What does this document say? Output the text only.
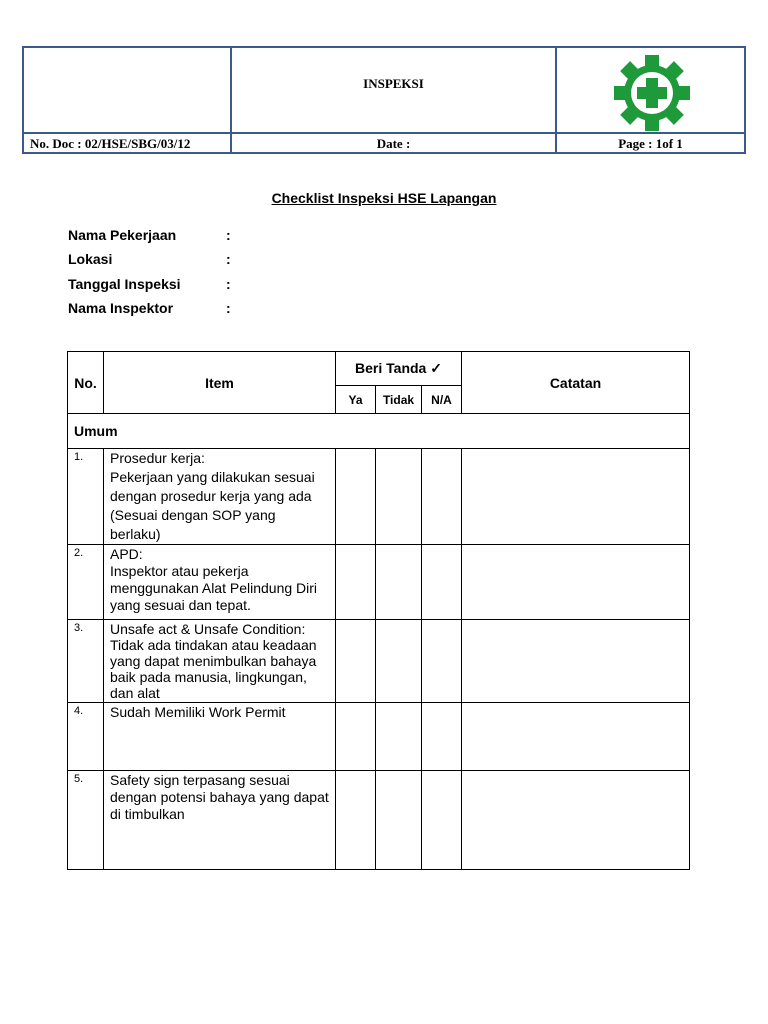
INSPEKSI
No. Doc : 02/HSE/SBG/03/12	Date :	Page : 1of 1
Checklist Inspeksi HSE Lapangan
Nama Pekerjaan	:
Lokasi	:
Tanggal Inspeksi	:
Nama Inspektor	:
No.	Item	Beri Tanda ✓			Catatan
		Ya	Tidak	N/A	
Umum					
1.	Prosedur kerja:
Pekerjaan yang dilakukan sesuai dengan prosedur kerja yang ada (Sesuai dengan SOP yang berlaku)				
2.	APD:
Inspektor atau pekerja menggunakan Alat Pelindung Diri yang sesuai dan tepat.				
3.	Unsafe act & Unsafe Condition:
Tidak ada tindakan atau keadaan yang dapat menimbulkan bahaya baik pada manusia, lingkungan, dan alat				
4.	Sudah Memiliki Work Permit				
5.	Safety sign terpasang sesuai dengan potensi bahaya yang dapat di timbulkan				
